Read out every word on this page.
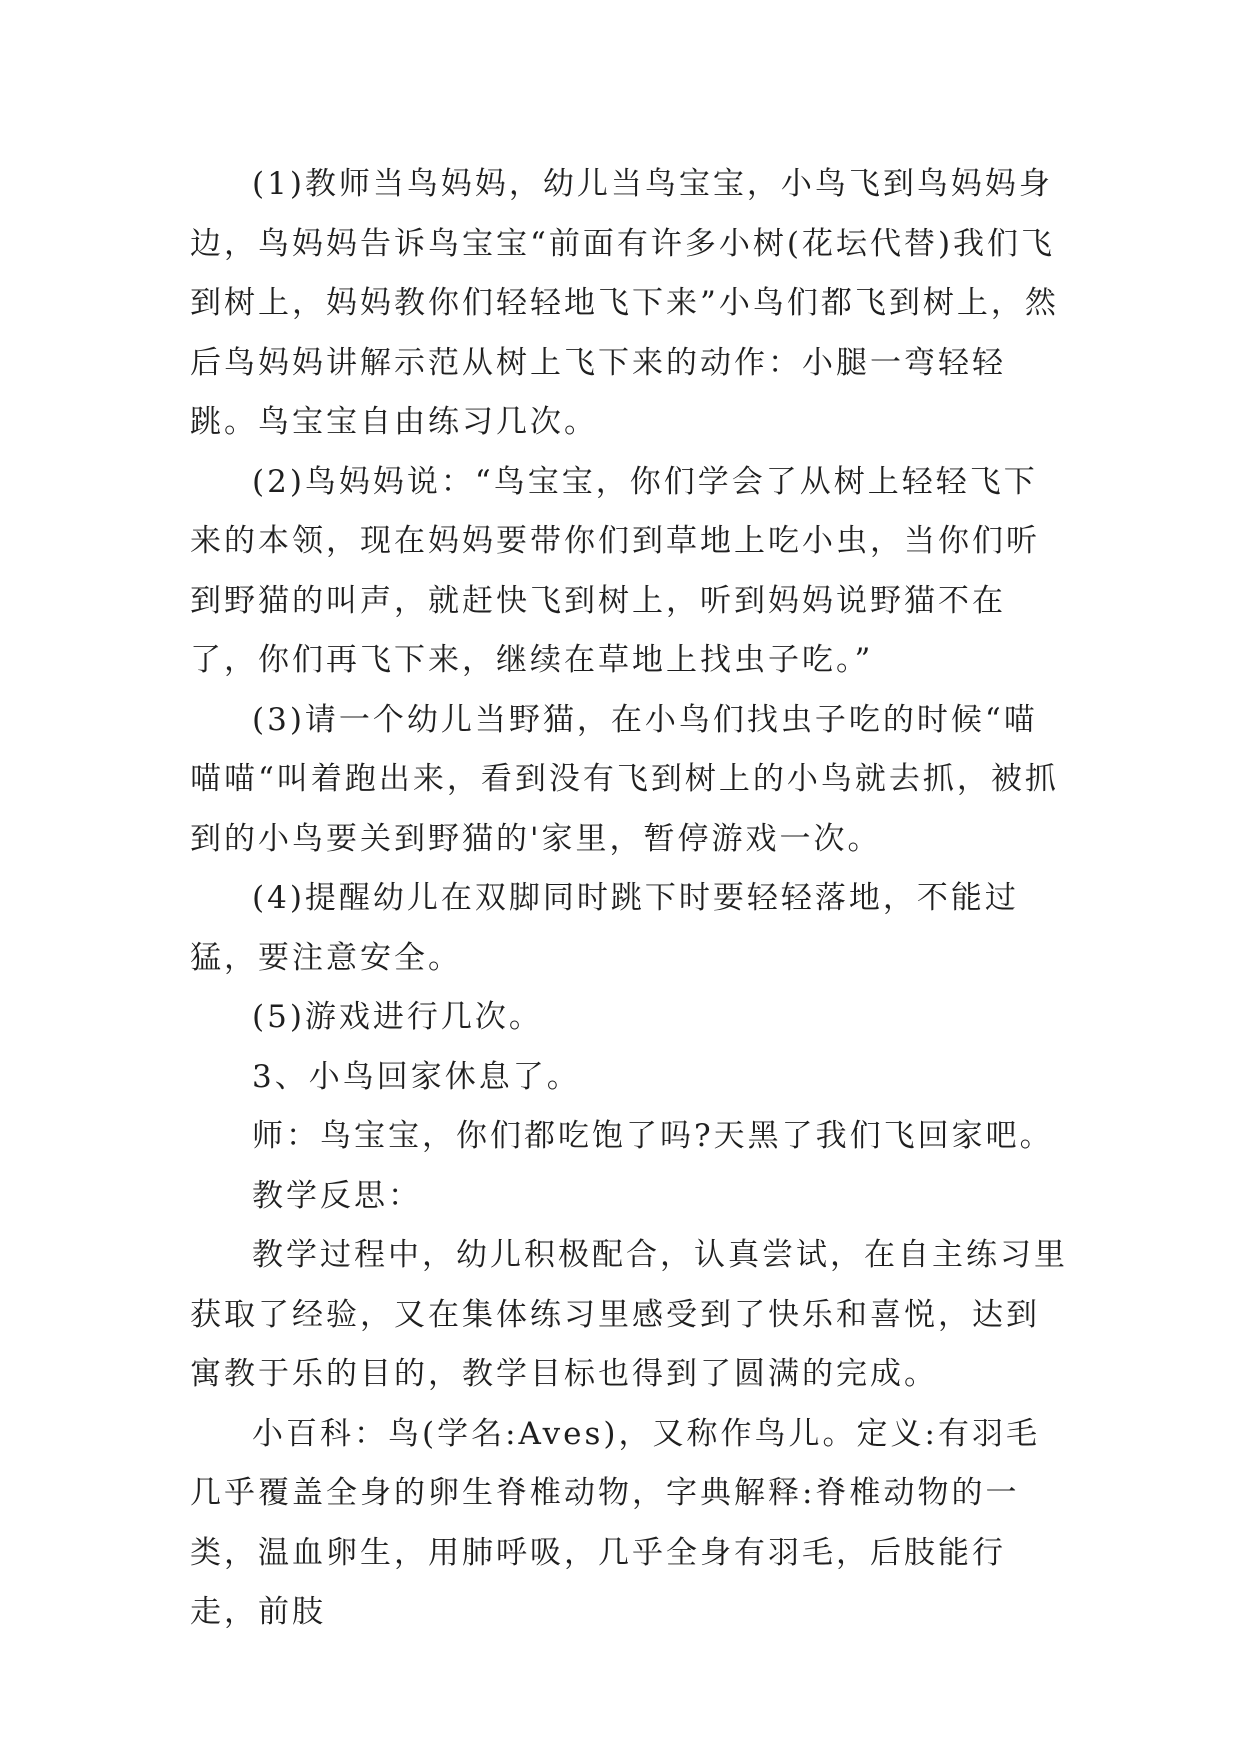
(1)教师当鸟妈妈，幼儿当鸟宝宝，小鸟飞到鸟妈妈身边，鸟妈妈告诉鸟宝宝“前面有许多小树(花坛代替)我们飞到树上，妈妈教你们轻轻地飞下来”小鸟们都飞到树上，然后鸟妈妈讲解示范从树上飞下来的动作：小腿一弯轻轻跳。鸟宝宝自由练习几次。

(2)鸟妈妈说：“鸟宝宝，你们学会了从树上轻轻飞下来的本领，现在妈妈要带你们到草地上吃小虫，当你们听到野猫的叫声，就赶快飞到树上，听到妈妈说野猫不在了，你们再飞下来，继续在草地上找虫子吃。”

(3)请一个幼儿当野猫，在小鸟们找虫子吃的时候“喵喵喵“叫着跑出来，看到没有飞到树上的小鸟就去抓，被抓到的小鸟要关到野猫的'家里，暂停游戏一次。

(4)提醒幼儿在双脚同时跳下时要轻轻落地，不能过猛，要注意安全。

(5)游戏进行几次。

3、小鸟回家休息了。

师：鸟宝宝，你们都吃饱了吗?天黑了我们飞回家吧。

教学反思：

教学过程中，幼儿积极配合，认真尝试，在自主练习里获取了经验，又在集体练习里感受到了快乐和喜悦，达到寓教于乐的目的，教学目标也得到了圆满的完成。

小百科：鸟(学名:Aves)，又称作鸟儿。定义:有羽毛几乎覆盖全身的卵生脊椎动物，字典解释:脊椎动物的一类，温血卵生，用肺呼吸，几乎全身有羽毛，后肢能行走，前肢
